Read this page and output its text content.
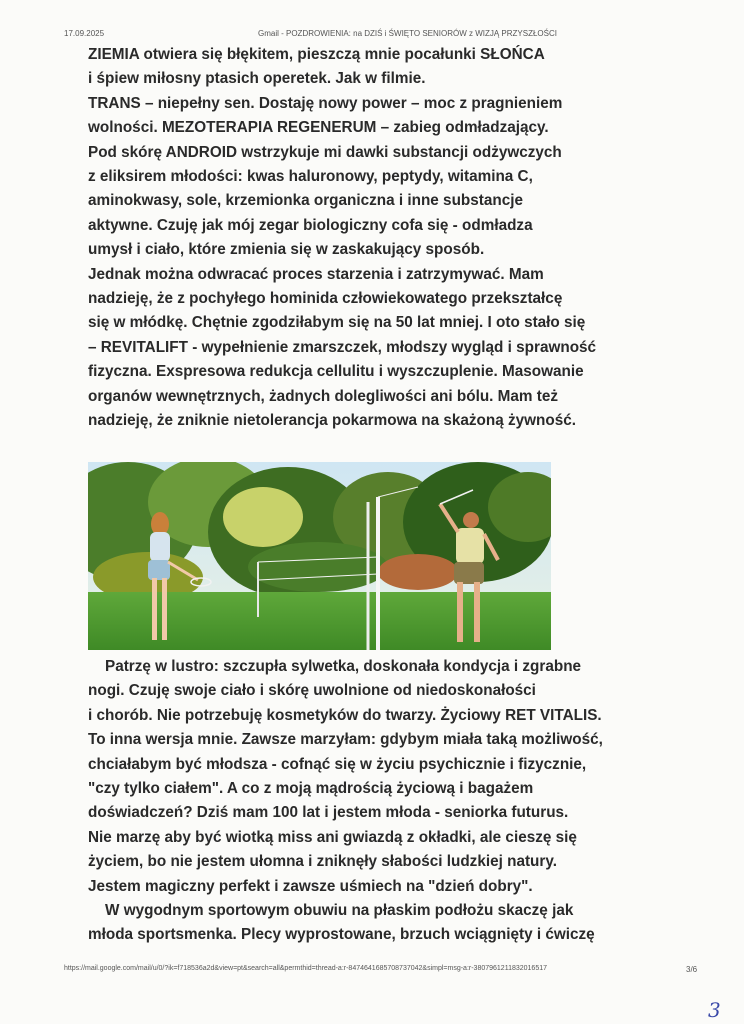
17.09.2025	Gmail - POZDROWIENIA: na DZIŚ i ŚWIĘTO SENIORÓW z WIZJĄ PRZYSZŁOŚCI
ZIEMIA otwiera się błękitem, pieszczą mnie pocałunki SŁOŃCA
i śpiew miłosny ptasich operetek. Jak w filmie.
TRANS – niepełny sen. Dostaję nowy power – moc z pragnieniem
wolności. MEZOTERAPIA REGENERUM – zabieg odmładzający.
Pod skórę ANDROID wstrzykuje mi dawki substancji odżywczych
z eliksirem młodości: kwas haluronowy, peptydy, witamina C,
aminokwasy, sole, krzemionka organiczna i inne substancje
aktywne. Czuję jak mój zegar biologiczny cofa się - odmładza
umysł i ciało, które zmienia się w zaskakujący sposób.
Jednak można odwracać proces starzenia i zatrzymywać. Mam
nadzieję, że z pochyłego hominida człowiekowatego przekształcę
się w młódkę. Chętnie zgodziłabym się na 50 lat mniej. I oto stało się
– REVITALIFT - wypełnienie zmarszczek, młodszy wygląd i sprawność
fizyczna. Exspresowa redukcja cellulitu i wyszczuplenie. Masowanie
organów wewnętrznych, żadnych dolegliwości ani bólu. Mam też
nadzieję, że zniknie nietolerancja pokarmowa na skażoną żywność.
Patrzę w lustro: szczupła sylwetka, doskonała kondycja i zgrabne
nogi. Czuję swoje ciało i skórę uwolnione od niedoskonałości
i chorób. Nie potrzebuję kosmetyków do twarzy. Życiowy RET VITALIS.
To inna wersja mnie. Zawsze marzyłam: gdybym miała taką możliwość,
chciałabym być młodsza - cofnąć się w życiu psychicznie i fizycznie,
"czy tylko ciałem". A co z moją mądrością życiową i bagażem
doświadczeń? Dziś mam 100 lat i jestem młoda - seniorka futurus.
Nie marzę aby być wiotką miss ani gwiazdą z okładki, ale cieszę się
życiem, bo nie jestem ułomna i zniknęły słabości ludzkiej natury.
Jestem magiczny perfekt i zawsze uśmiech na "dzień dobry".
W wygodnym sportowym obuwiu na płaskim podłożu skaczę jak
młoda sportsmenka. Plecy wyprostowane, brzuch wciągnięty i ćwiczę
https://mail.google.com/mail/u/0/?ik=f718536a2d&view=pt&search=all&permthid=thread-a:r-8474641685708737042&simpl=msg-a:r-3807961211832016517	3/6
3
